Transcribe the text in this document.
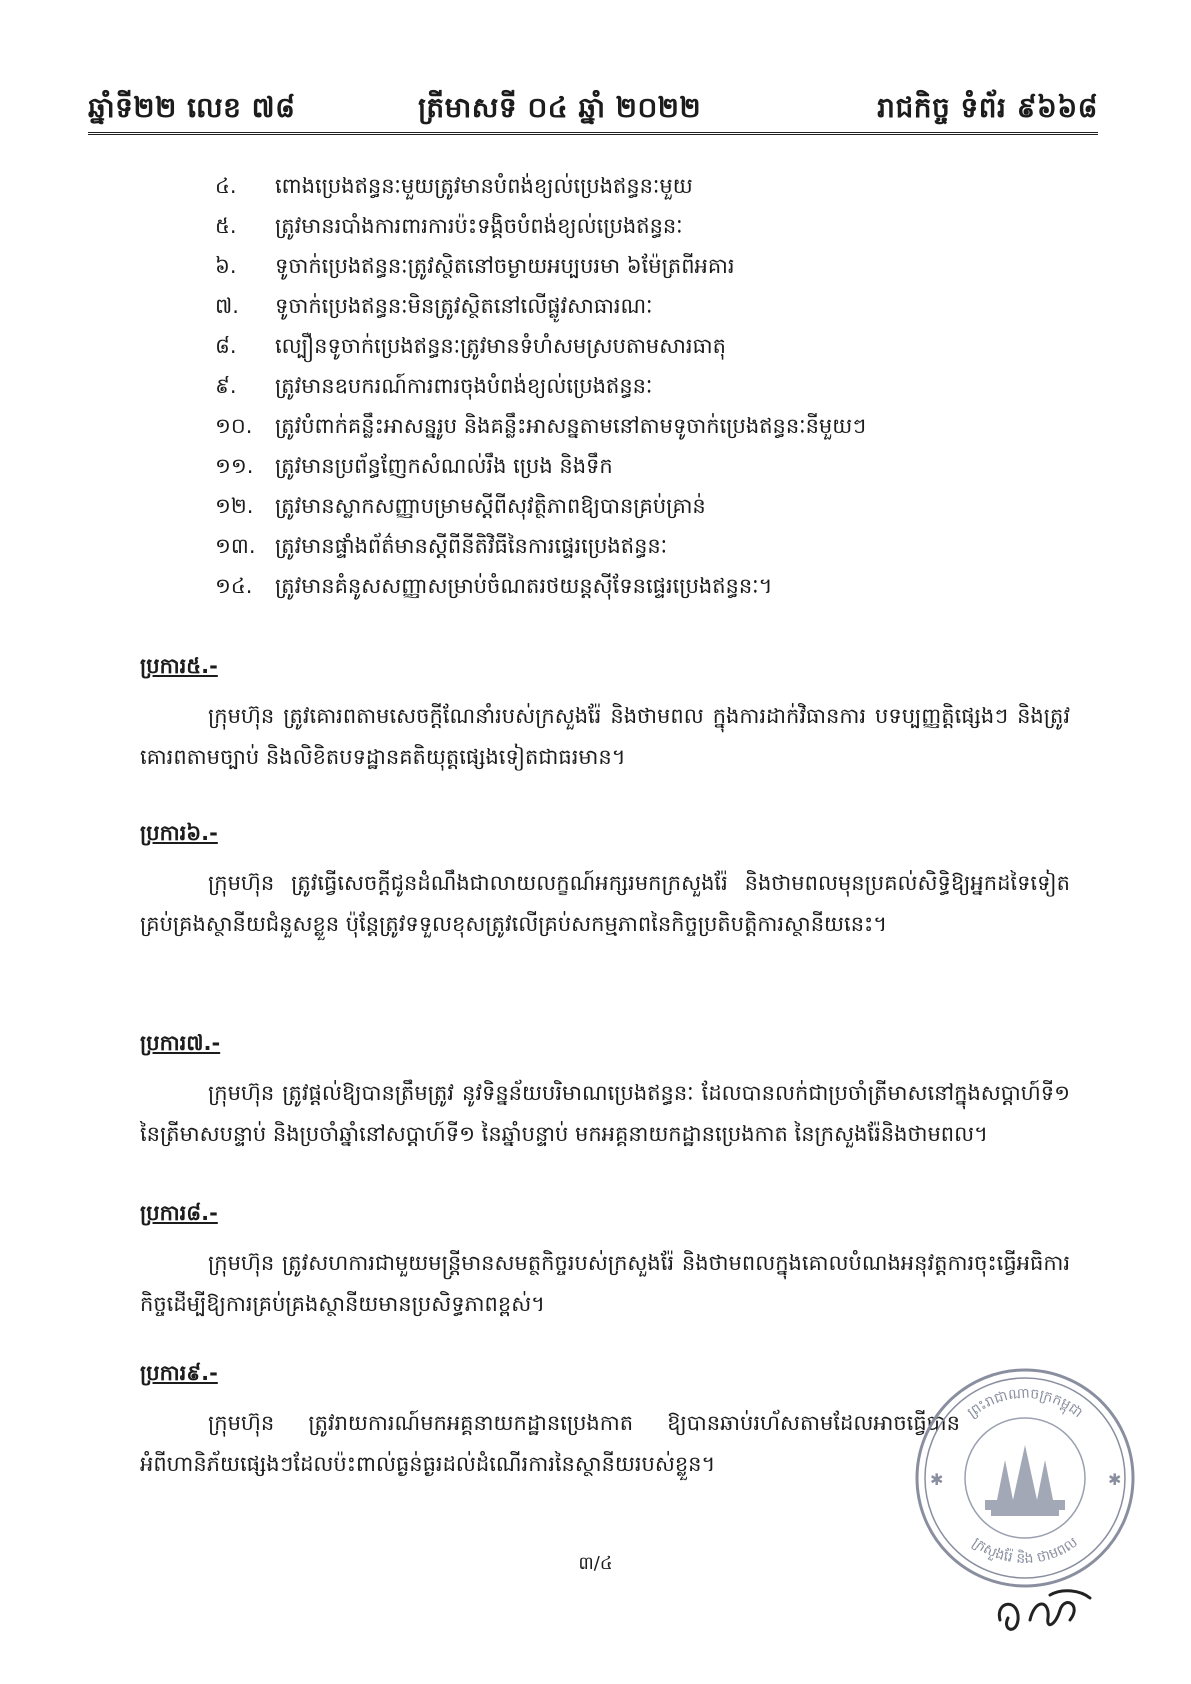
ឆ្នាំទី២២ លេខ ៧៨	ត្រីមាសទី ០៤ ឆ្នាំ ២០២២	រាជកិច្ច ទំព័រ ៩៦៦៨
៤.	ពោងប្រេងឥន្ធនៈមួយត្រូវមានបំពង់ខ្យល់ប្រេងឥន្ធនៈមួយ
៥.	ត្រូវមានរបាំងការពារការប៉ះទង្គិចបំពង់ខ្យល់ប្រេងឥន្ធនៈ
៦.	ទូចាក់ប្រេងឥន្ធនៈត្រូវស្ថិតនៅចម្ងាយអប្បបរមា ៦ម៉ែត្រពីអគារ
៧.	ទូចាក់ប្រេងឥន្ធនៈមិនត្រូវស្ថិតនៅលើផ្លូវសាធារណៈ
៨.	ល្បឿនទូចាក់ប្រេងឥន្ធនៈត្រូវមានទំហំសមស្របតាមសារធាតុ
៩.	ត្រូវមានឧបករណ៍ការពារចុងបំពង់ខ្យល់ប្រេងឥន្ធនៈ
១០.	ត្រូវបំពាក់គន្លឹះអាសន្នរូប និងគន្លឹះអាសន្នតាមនៅតាមទូចាក់ប្រេងឥន្ធនៈនីមួយៗ
១១.	ត្រូវមានប្រព័ន្ធញែកសំណល់រឹង ប្រេង និងទឹក
១២.	ត្រូវមានស្លាកសញ្ញាបម្រាមស្ដីពីសុវត្ថិភាពឱ្យបានគ្រប់គ្រាន់
១៣. ត្រូវមានផ្ទាំងព័ត៌មានស្ដីពីនីតិវិធីនៃការផ្ទេរប្រេងឥន្ធនៈ
១៤.	ត្រូវមានគំនូសសញ្ញាសម្រាប់ចំណតរថយន្តស៊ីទែនផ្ទេរប្រេងឥន្ធនៈ។

ប្រការ៥.-

ក្រុមហ៊ុន ត្រូវគោរពតាមសេចក្ដីណែនាំរបស់ក្រសួងរ៉ែ និងថាមពល ក្នុងការដាក់វិធានការ បទប្បញ្ញត្តិផ្សេងៗ និងត្រូវគោរពតាមច្បាប់ និងលិខិតបទដ្ឋានគតិយុត្តផ្សេងទៀតជាធរមាន។

ប្រការ៦.-

ក្រុមហ៊ុន ត្រូវធ្វើសេចក្ដីជូនដំណឹងជាលាយលក្ខណ៍អក្សរមកក្រសួងរ៉ែ និងថាមពលមុនប្រគល់សិទ្ធិឱ្យអ្នកដទៃទៀតគ្រប់គ្រងស្ថានីយជំនួសខ្លួន ប៉ុន្តែត្រូវទទួលខុសត្រូវលើគ្រប់សកម្មភាពនៃកិច្ចប្រតិបត្តិការស្ថានីយនេះ។

ប្រការ៧.-

ក្រុមហ៊ុន ត្រូវផ្ដល់ឱ្យបានត្រឹមត្រូវ នូវទិន្នន័យបរិមាណប្រេងឥន្ធនៈ ដែលបានលក់ជាប្រចាំត្រីមាសនៅក្នុងសប្ដាហ៍ទី១ នៃត្រីមាសបន្ទាប់ និងប្រចាំឆ្នាំនៅសប្ដាហ៍ទី១ នៃឆ្នាំបន្ទាប់ មកអគ្គនាយកដ្ឋានប្រេងកាត នៃក្រសួងរ៉ែនិងថាមពល។

ប្រការ៨.-

ក្រុមហ៊ុន ត្រូវសហការជាមួយមន្ត្រីមានសមត្ថកិច្ចរបស់ក្រសួងរ៉ែ និងថាមពលក្នុងគោលបំណងអនុវត្តការចុះធ្វើអធិការកិច្ចដើម្បីឱ្យការគ្រប់គ្រងស្ថានីយមានប្រសិទ្ធភាពខ្ពស់។

ប្រការ៩.-

ក្រុមហ៊ុន ត្រូវរាយការណ៍មកអគ្គនាយកដ្ឋានប្រេងកាត ឱ្យបានឆាប់រហ័សតាមដែលអាចធ្វើបានអំពីហានិភ័យផ្សេងៗដែលប៉ះពាល់ធ្ងន់ធ្ងរដល់ដំណើរការនៃស្ថានីយរបស់ខ្លួន។
ព្រះរាជាណាចក្រកម្ពុជា
ក្រសួងរ៉ែ និង ថាមពល
✱	✱
៣/៤
